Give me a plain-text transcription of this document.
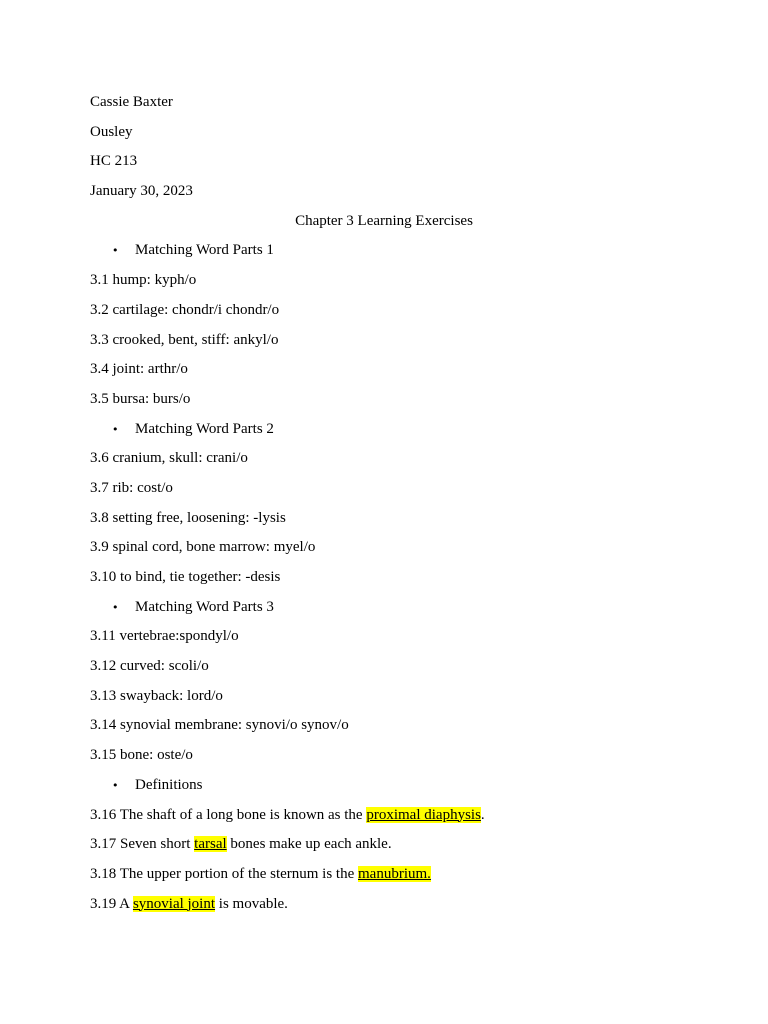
Cassie Baxter
Ousley
HC 213
January 30, 2023
Chapter 3 Learning Exercises
• Matching Word Parts 1
3.1 hump: kyph/o
3.2 cartilage: chondr/i chondr/o
3.3 crooked, bent, stiff: ankyl/o
3.4 joint: arthr/o
3.5 bursa: burs/o
• Matching Word Parts 2
3.6 cranium, skull: crani/o
3.7 rib: cost/o
3.8 setting free, loosening: -lysis
3.9 spinal cord, bone marrow: myel/o
3.10 to bind, tie together: -desis
• Matching Word Parts 3
3.11 vertebrae:spondyl/o
3.12 curved: scoli/o
3.13 swayback: lord/o
3.14 synovial membrane: synovi/o synov/o
3.15 bone: oste/o
• Definitions
3.16 The shaft of a long bone is known as the proximal diaphysis.
3.17 Seven short tarsal bones make up each ankle.
3.18 The upper portion of the sternum is the manubrium.
3.19 A synovial joint is movable.
